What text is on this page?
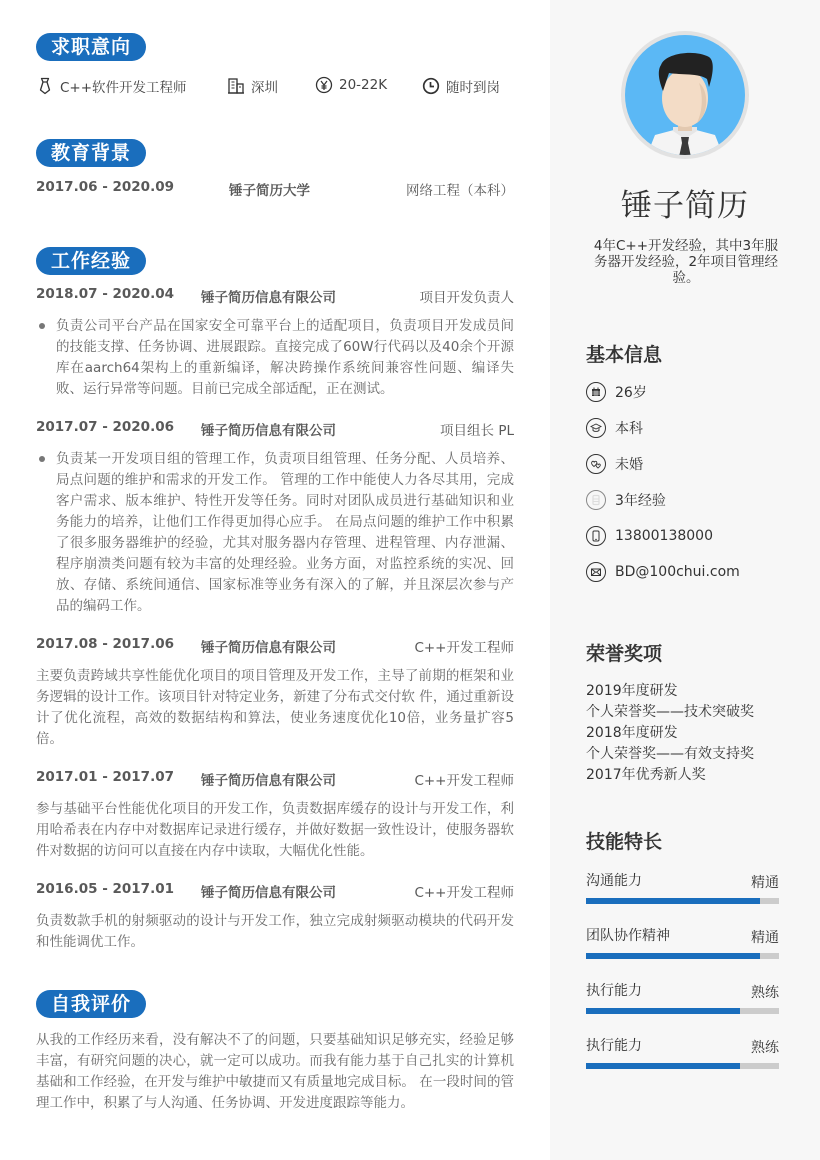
求职意向
C++软件开发工程师	深圳	20-22K	随时到岗
教育背景
2017.06 - 2020.09	锤子简历大学	网络工程（本科）
工作经验
2018.07 - 2020.04 锤子简历信息有限公司	项目开发负责人
负责公司平台产品在国家安全可靠平台上的适配项目，负责项目开发成员间的技能支撑、任务协调、进展跟踪。直接完成了60W行代码以及40余个开源库在aarch64架构上的重新编译，解决跨操作系统间兼容性问题、编译失败、运行异常等问题。目前已完成全部适配，正在测试。
2017.07 - 2020.06 锤子简历信息有限公司	项目组长 PL
负责某一开发项目组的管理工作，负责项目组管理、任务分配、人员培养、局点问题的维护和需求的开发工作。 管理的工作中能使人力各尽其用，完成客户需求、版本维护、特性开发等任务。同时对团队成员进行基础知识和业务能力的培养，让他们工作得更加得心应手。 在局点问题的维护工作中积累了很多服务器维护的经验，尤其对服务器内存管理、进程管理、内存泄漏、程序崩溃类问题有较为丰富的处理经验。业务方面，对监控系统的实况、回放、存储、系统间通信、国家标准等业务有深入的了解，并且深层次参与产品的编码工作。
2017.08 - 2017.06 锤子简历信息有限公司	C++开发工程师
主要负责跨域共享性能优化项目的项目管理及开发工作，主导了前期的框架和业务逻辑的设计工作。该项目针对特定业务，新建了分布式交付软 件，通过重新设计了优化流程，高效的数据结构和算法，使业务速度优化10倍，业务量扩容5倍。
2017.01 - 2017.07 锤子简历信息有限公司	C++开发工程师
参与基础平台性能优化项目的开发工作，负责数据库缓存的设计与开发工作，利用哈希表在内存中对数据库记录进行缓存，并做好数据一致性设计，使服务器软件对数据的访问可以直接在内存中读取，大幅优化性能。
2016.05 - 2017.01 锤子简历信息有限公司	C++开发工程师
负责数款手机的射频驱动的设计与开发工作，独立完成射频驱动模块的代码开发和性能调优工作。
自我评价
从我的工作经历来看，没有解决不了的问题，只要基础知识足够充实，经验足够丰富，有研究问题的决心，就一定可以成功。而我有能力基于自己扎实的计算机基础和工作经验，在开发与维护中敏捷而又有质量地完成目标。 在一段时间的管理工作中，积累了与人沟通、任务协调、开发进度跟踪等能力。
锤子简历
4年C++开发经验，其中3年服务器开发经验，2年项目管理经验。
基本信息
26岁
本科
未婚
3年经验
13800138000
BD@100chui.com
荣誉奖项
2019年度研发
个人荣誉奖——技术突破奖
2018年度研发
个人荣誉奖——有效支持奖
2017年优秀新人奖
技能特长
沟通能力	精通
团队协作精神	精通
执行能力	熟练
执行能力	熟练
